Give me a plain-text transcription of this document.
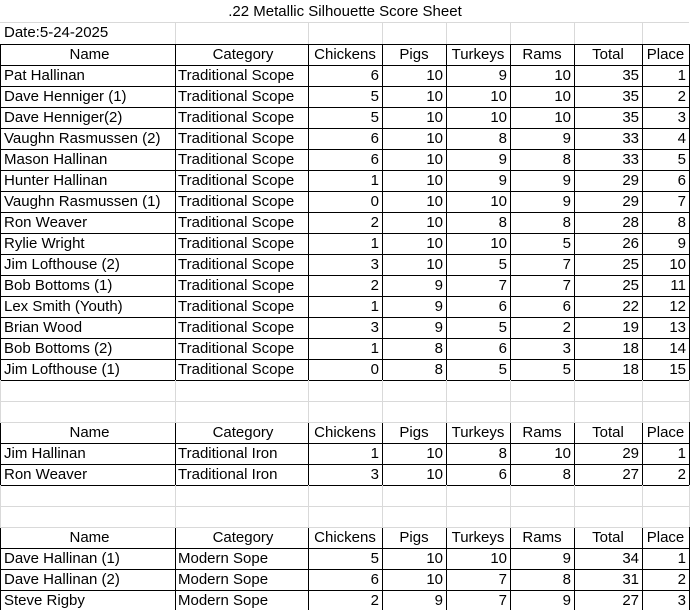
.22 Metallic Silhouette Score Sheet
Date:5-24-2025
Name	Category	Chickens	Pigs	Turkeys	Rams	Total	Place
Pat Hallinan	Traditional Scope	6	10	9	10	35	1
Dave Henniger (1)	Traditional Scope	5	10	10	10	35	2
Dave Henniger(2)	Traditional Scope	5	10	10	10	35	3
Vaughn Rasmussen (2)	Traditional Scope	6	10	8	9	33	4
Mason Hallinan	Traditional Scope	6	10	9	8	33	5
Hunter Hallinan	Traditional Scope	1	10	9	9	29	6
Vaughn Rasmussen (1)	Traditional Scope	0	10	10	9	29	7
Ron Weaver	Traditional Scope	2	10	8	8	28	8
Rylie Wright	Traditional Scope	1	10	10	5	26	9
Jim Lofthouse (2)	Traditional Scope	3	10	5	7	25	10
Bob Bottoms (1)	Traditional Scope	2	9	7	7	25	11
Lex Smith (Youth)	Traditional Scope	1	9	6	6	22	12
Brian Wood	Traditional Scope	3	9	5	2	19	13
Bob Bottoms (2)	Traditional Scope	1	8	6	3	18	14
Jim Lofthouse (1)	Traditional Scope	0	8	5	5	18	15
Name	Category	Chickens	Pigs	Turkeys	Rams	Total	Place
Jim Hallinan	Traditional Iron	1	10	8	10	29	1
Ron Weaver	Traditional Iron	3	10	6	8	27	2
Name	Category	Chickens	Pigs	Turkeys	Rams	Total	Place
Dave Hallinan (1)	Modern Sope	5	10	10	9	34	1
Dave Hallinan (2)	Modern Sope	6	10	7	8	31	2
Steve Rigby	Modern Sope	2	9	7	9	27	3
